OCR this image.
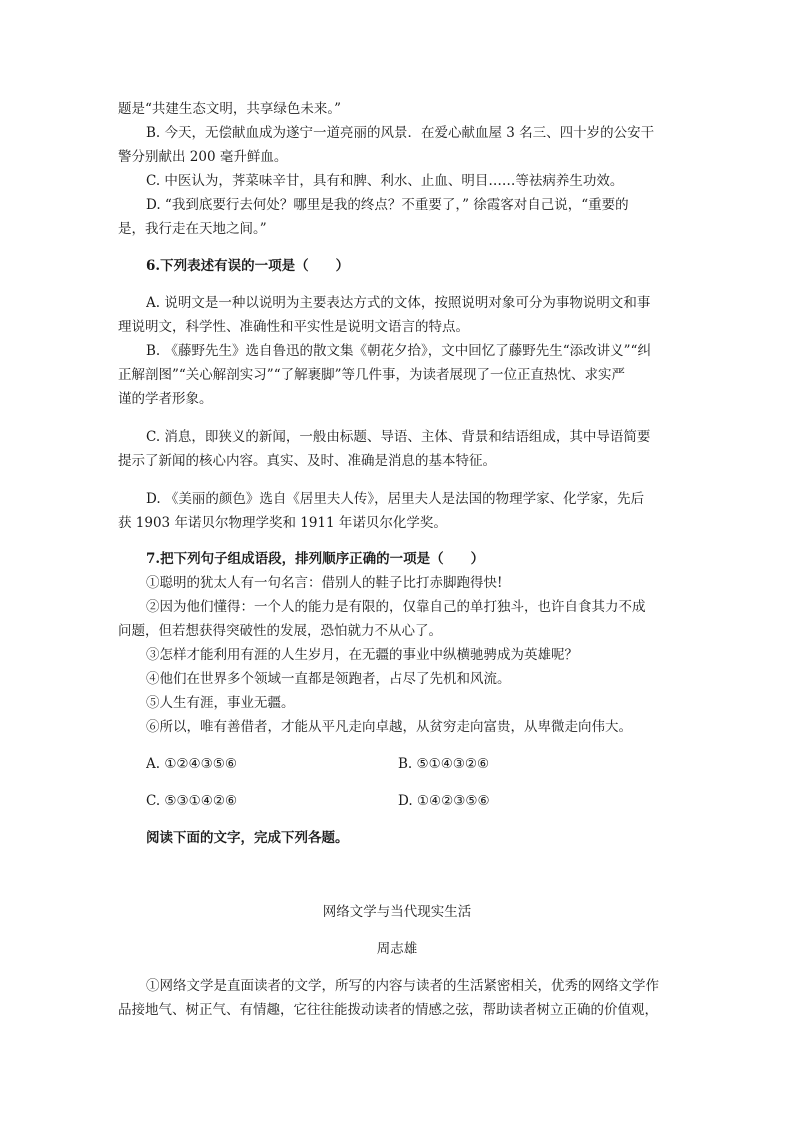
题是“共建生态文明，共享绿色未来。”
B. 今天，无偿献血成为遂宁一道亮丽的风景．在爱心献血屋 3 名三、四十岁的公安干
警分别献出 200 毫升鲜血。
C. 中医认为，荠菜味辛甘，具有和脾、利水、止血、明目……等祛病养生功效。
D. “我到底要行去何处？哪里是我的终点？不重要了，” 徐霞客对自己说，“重要的
是，我行走在天地之间。”
6.下列表述有误的一项是（　　）
A. 说明文是一种以说明为主要表达方式的文体，按照说明对象可分为事物说明文和事
理说明文，科学性、准确性和平实性是说明文语言的特点。
B. 《藤野先生》选自鲁迅的散文集《朝花夕拾》，文中回忆了藤野先生“添改讲义”“纠
正解剖图”“关心解剖实习”“了解裹脚”等几件事，为读者展现了一位正直热忱、求实严
谨的学者形象。
C. 消息，即狭义的新闻，一般由标题、导语、主体、背景和结语组成，其中导语简要
提示了新闻的核心内容。真实、及时、准确是消息的基本特征。
D. 《美丽的颜色》选自《居里夫人传》，居里夫人是法国的物理学家、化学家，先后
获 1903 年诺贝尔物理学奖和 1911 年诺贝尔化学奖。
7.把下列句子组成语段，排列顺序正确的一项是（　　）
①聪明的犹太人有一句名言：借别人的鞋子比打赤脚跑得快!
②因为他们懂得：一个人的能力是有限的，仅靠自己的单打独斗，也许自食其力不成
问题，但若想获得突破性的发展，恐怕就力不从心了。
③怎样才能利用有涯的人生岁月，在无疆的事业中纵横驰骋成为英雄呢？
④他们在世界多个领域一直都是领跑者，占尽了先机和风流。
⑤人生有涯，事业无疆。
⑥所以，唯有善借者，才能从平凡走向卓越，从贫穷走向富贵，从卑微走向伟大。
A. ①②④③⑤⑥	B. ⑤①④③②⑥
C. ⑤③①④②⑥	D. ①④②③⑤⑥
阅读下面的文字，完成下列各题。
网络文学与当代现实生活
周志雄
①网络文学是直面读者的文学，所写的内容与读者的生活紧密相关，优秀的网络文学作
品接地气、树正气、有情趣，它往往能拨动读者的情感之弦，帮助读者树立正确的价值观，
